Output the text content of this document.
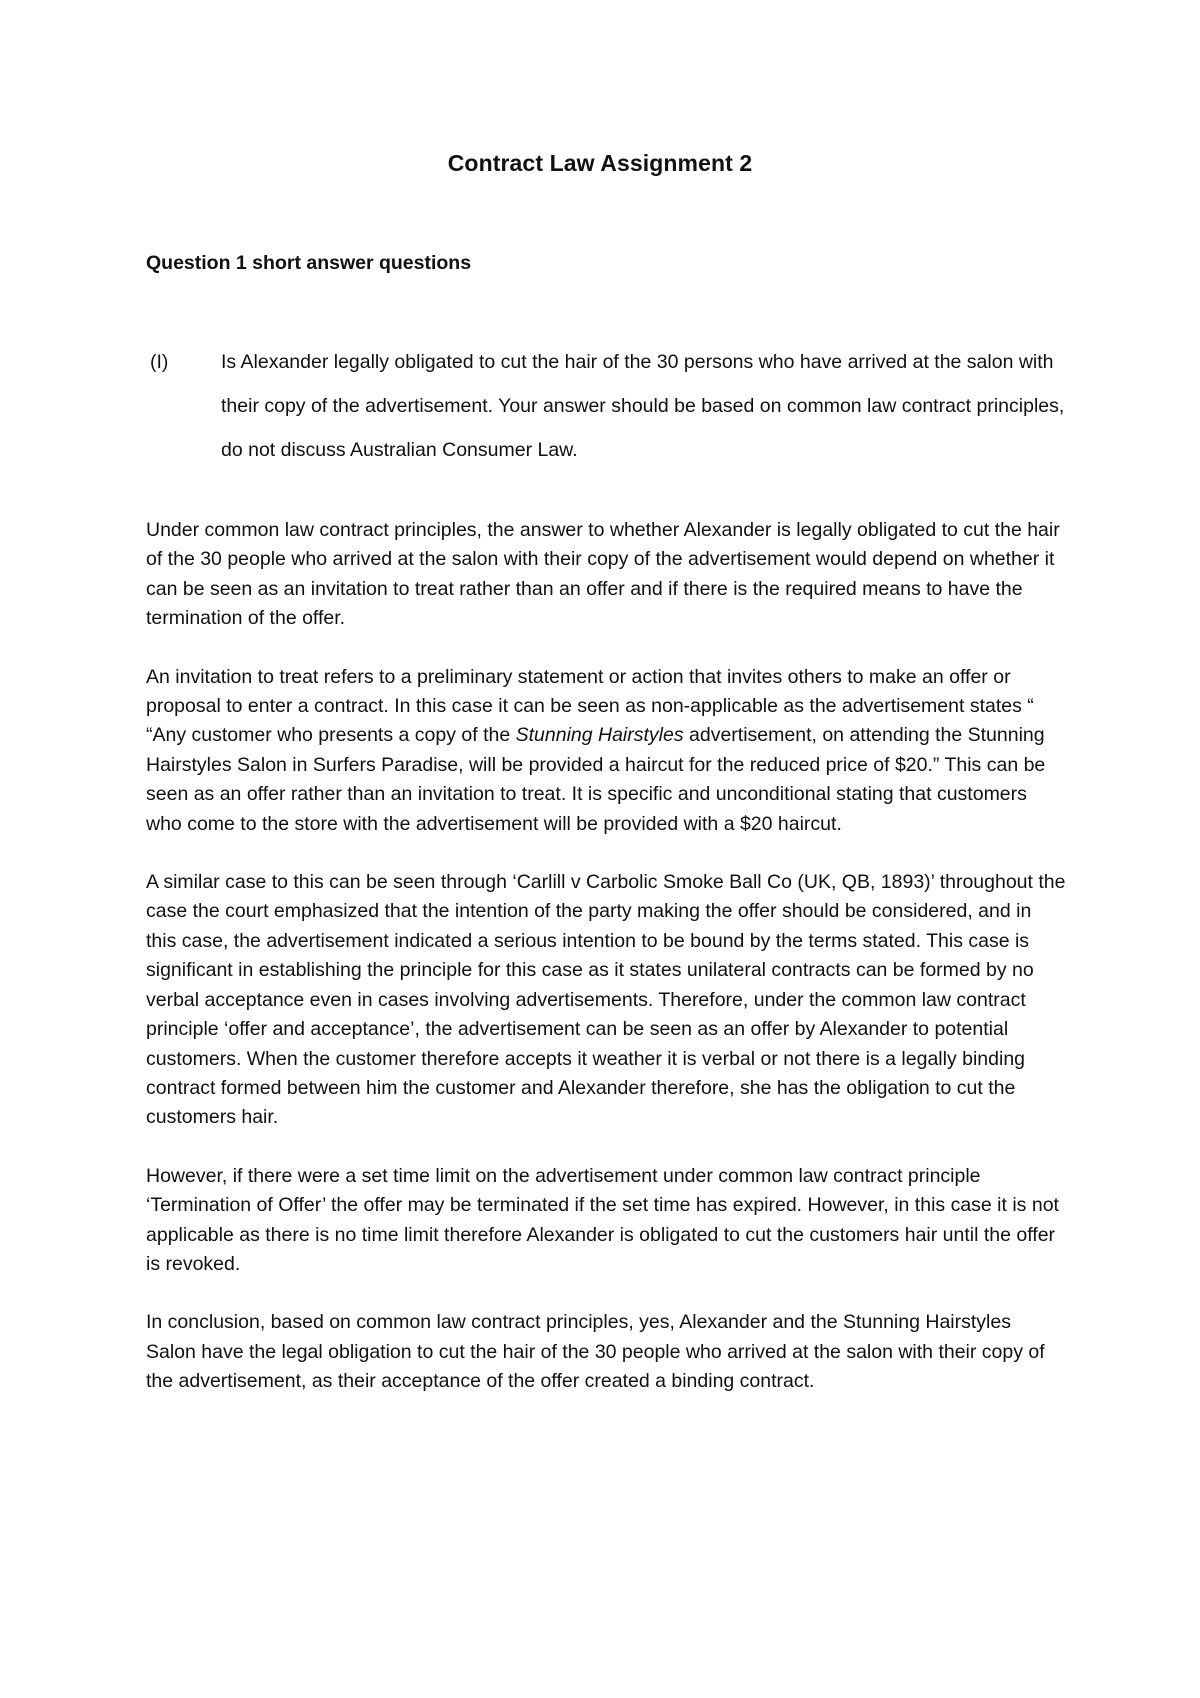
Contract Law Assignment 2
Question 1 short answer questions
(I)	Is Alexander legally obligated to cut the hair of the 30 persons who have arrived at the salon with their copy of the advertisement. Your answer should be based on common law contract principles, do not discuss Australian Consumer Law.

Under common law contract principles, the answer to whether Alexander is legally obligated to cut the hair of the 30 people who arrived at the salon with their copy of the advertisement would depend on whether it can be seen as an invitation to treat rather than an offer and if there is the required means to have the termination of the offer.

An invitation to treat refers to a preliminary statement or action that invites others to make an offer or proposal to enter a contract. In this case it can be seen as non-applicable as the advertisement states “ “Any customer who presents a copy of the Stunning Hairstyles advertisement, on attending the Stunning Hairstyles Salon in Surfers Paradise, will be provided a haircut for the reduced price of $20.” This can be seen as an offer rather than an invitation to treat. It is specific and unconditional stating that customers who come to the store with the advertisement will be provided with a $20 haircut.

A similar case to this can be seen through ‘Carlill v Carbolic Smoke Ball Co (UK, QB, 1893)’ throughout the case the court emphasized that the intention of the party making the offer should be considered, and in this case, the advertisement indicated a serious intention to be bound by the terms stated. This case is significant in establishing the principle for this case as it states unilateral contracts can be formed by no verbal acceptance even in cases involving advertisements. Therefore, under the common law contract principle ‘offer and acceptance’, the advertisement can be seen as an offer by Alexander to potential customers. When the customer therefore accepts it weather it is verbal or not there is a legally binding contract formed between him the customer and Alexander therefore, she has the obligation to cut the customers hair.

However, if there were a set time limit on the advertisement under common law contract principle ‘Termination of Offer’ the offer may be terminated if the set time has expired. However, in this case it is not applicable as there is no time limit therefore Alexander is obligated to cut the customers hair until the offer is revoked.

In conclusion, based on common law contract principles, yes, Alexander and the Stunning Hairstyles Salon have the legal obligation to cut the hair of the 30 people who arrived at the salon with their copy of the advertisement, as their acceptance of the offer created a binding contract.
